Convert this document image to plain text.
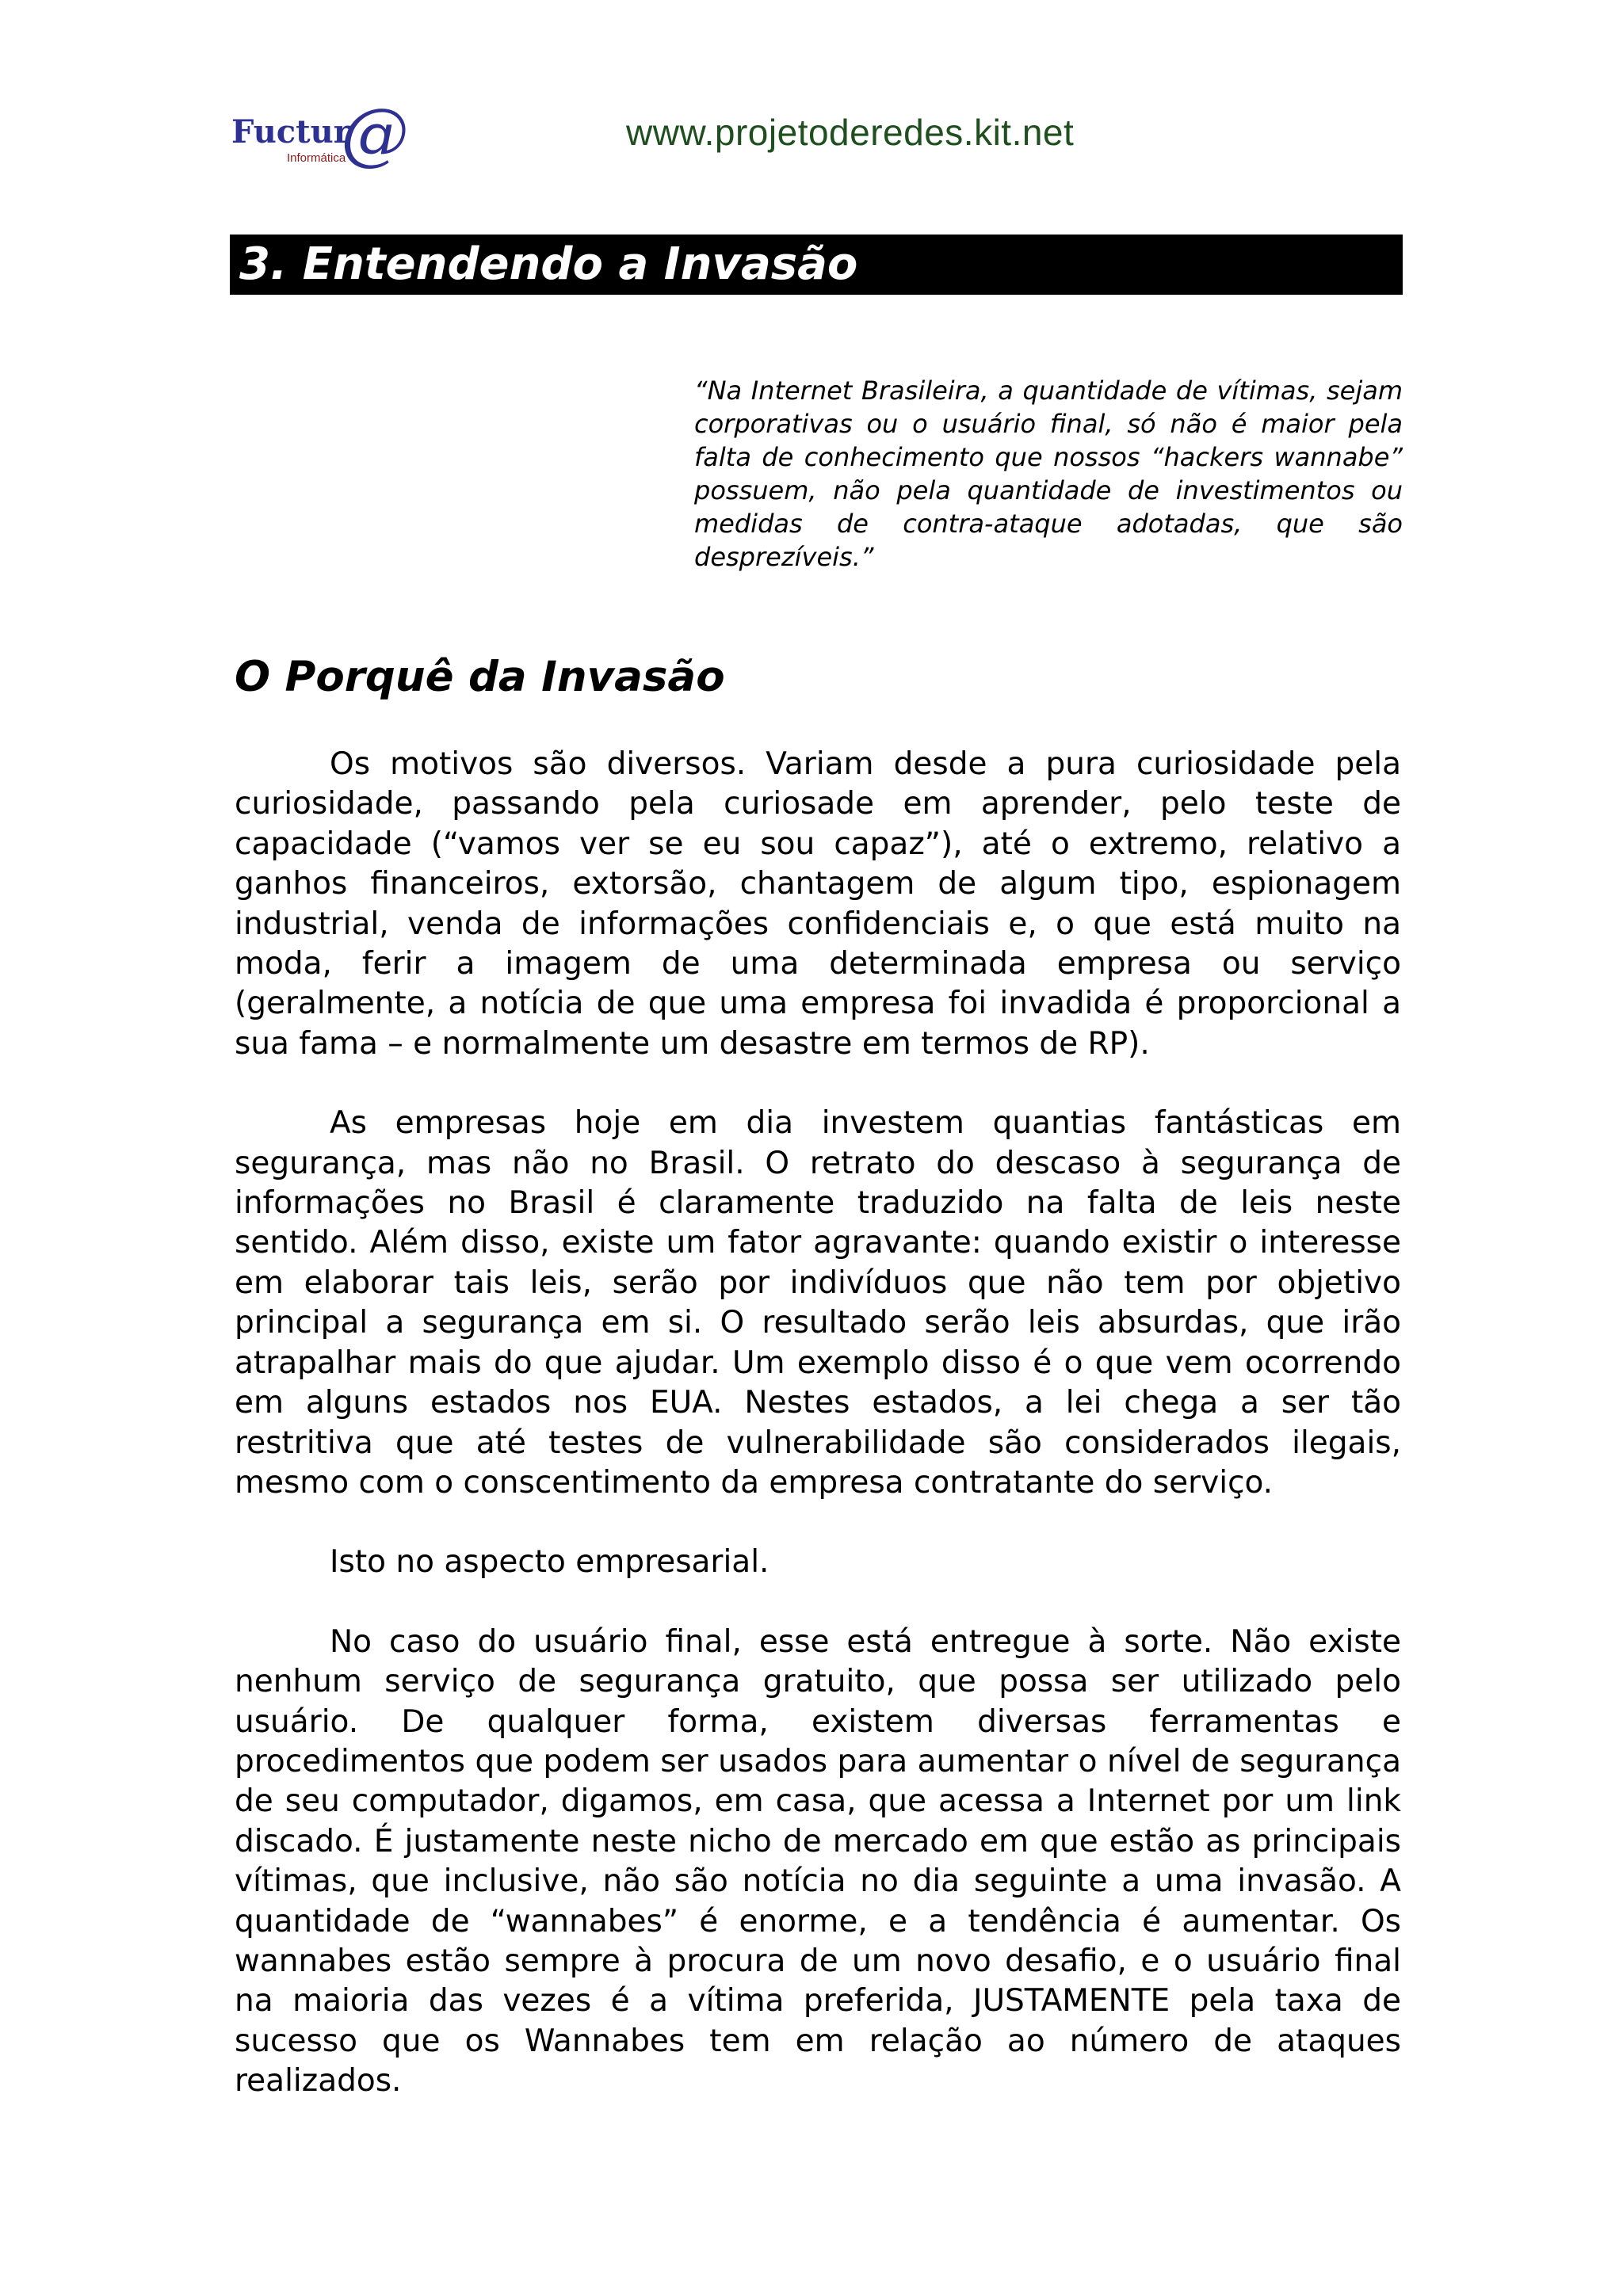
Fuctur
@
Informática
www.projetoderedes.kit.net
3. Entendendo a Invasão
“Na Internet Brasileira, a quantidade de vítimas, sejam corporativas ou o usuário final, só não é maior pela falta de conhecimento que nossos “hackers wannabe” possuem, não pela quantidade de investimentos ou medidas de contra-ataque adotadas, que são desprezíveis.”
O Porquê da Invasão

Os motivos são diversos. Variam desde a pura curiosidade pela curiosidade, passando pela curiosade em aprender, pelo teste de capacidade (“vamos ver se eu sou capaz”), até o extremo, relativo a ganhos financeiros, extorsão, chantagem de algum tipo, espionagem industrial, venda de informações confidenciais e, o que está muito na moda, ferir a imagem de uma determinada empresa ou serviço (geralmente, a notícia de que uma empresa foi invadida é proporcional a sua fama – e normalmente um desastre em termos de RP).

As empresas hoje em dia investem quantias fantásticas em segurança, mas não no Brasil. O retrato do descaso à segurança de informações no Brasil é claramente traduzido na falta de leis neste sentido. Além disso, existe um fator agravante: quando existir o interesse em elaborar tais leis, serão por indivíduos que não tem por objetivo principal a segurança em si. O resultado serão leis absurdas, que irão atrapalhar mais do que ajudar. Um exemplo disso é o que vem ocorrendo em alguns estados nos EUA. Nestes estados, a lei chega a ser tão restritiva que até testes de vulnerabilidade são considerados ilegais, mesmo com o conscentimento da empresa contratante do serviço.

Isto no aspecto empresarial.

No caso do usuário final, esse está entregue à sorte. Não existe nenhum serviço de segurança gratuito, que possa ser utilizado pelo usuário. De qualquer forma, existem diversas ferramentas e procedimentos que podem ser usados para aumentar o nível de segurança de seu computador, digamos, em casa, que acessa a Internet por um link discado. É justamente neste nicho de mercado em que estão as principais vítimas, que inclusive, não são notícia no dia seguinte a uma invasão. A quantidade de “wannabes” é enorme, e a tendência é aumentar. Os wannabes estão sempre à procura de um novo desafio, e o usuário final na maioria das vezes é a vítima preferida, JUSTAMENTE pela taxa de sucesso que os Wannabes tem em relação ao número de ataques realizados.
